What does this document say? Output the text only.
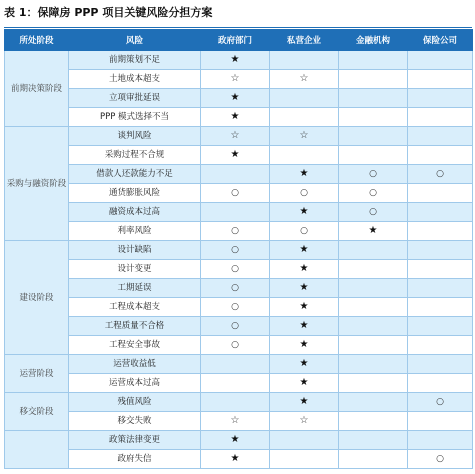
表 1：保障房 PPP 项目关键风险分担方案
所处阶段	风险	政府部门	私营企业	金融机构	保险公司
前期决策阶段	前期策划不足	★			
	土地成本超支	☆	☆		
	立项审批延误	★			
	PPP 模式选择不当	★			
采购与融资阶段	谈判风险	☆	☆		
	采购过程不合规	★			
	借款人还款能力不足		★	○	○
	通货膨胀风险	○	○	○	
	融资成本过高		★	○	
	利率风险	○	○	★	
建设阶段	设计缺陷	○	★		
	设计变更	○	★		
	工期延误	○	★		
	工程成本超支	○	★		
	工程质量不合格	○	★		
	工程安全事故	○	★		
运营阶段	运营收益低		★		
	运营成本过高		★		
移交阶段	残值风险		★		○
	移交失败	☆	☆		
	政策法律变更	★			
	政府失信	★			○
